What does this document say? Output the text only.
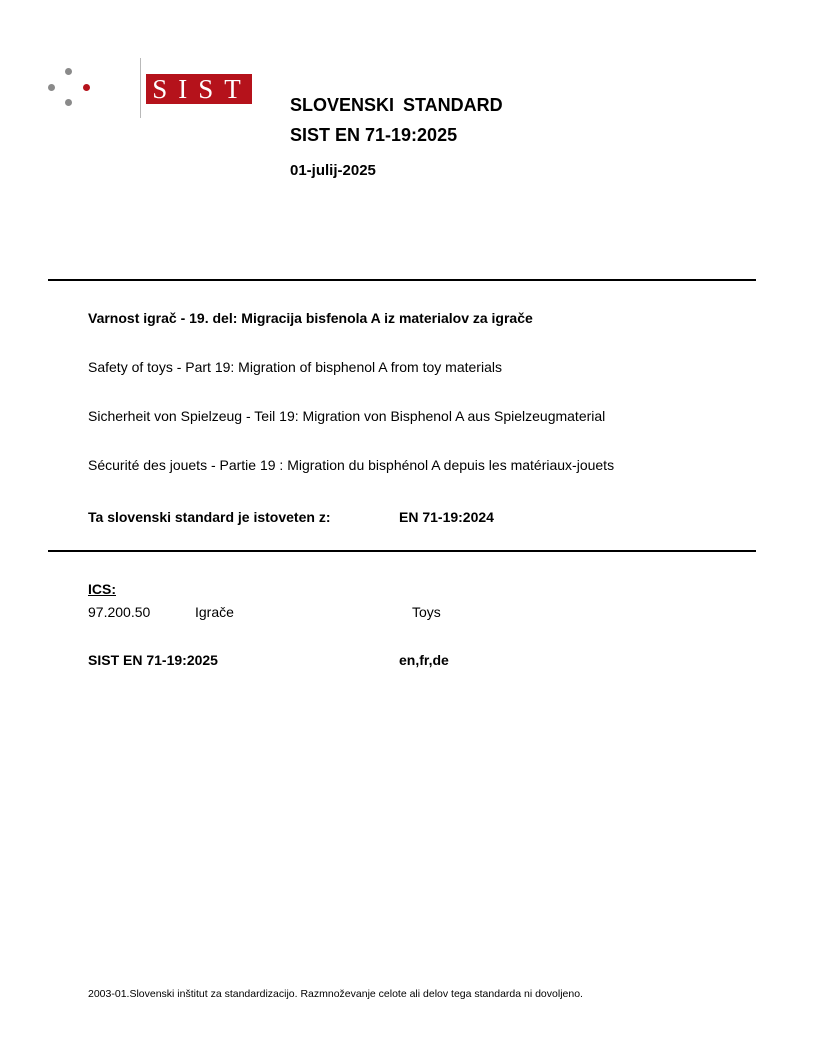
SIST
SLOVENSKI STANDARD
SIST EN 71-19:2025
01-julij-2025
Varnost igrač - 19. del: Migracija bisfenola A iz materialov za igrače
Safety of toys - Part 19: Migration of bisphenol A from toy materials
Sicherheit von Spielzeug - Teil 19: Migration von Bisphenol A aus Spielzeugmaterial
Sécurité des jouets - Partie 19 : Migration du bisphénol A depuis les matériaux-jouets
Ta slovenski standard je istoveten z:	EN 71-19:2024
ICS:
97.200.50	Igrače	Toys
SIST EN 71-19:2025	en,fr,de
2003-01.Slovenski inštitut za standardizacijo. Razmnoževanje celote ali delov tega standarda ni dovoljeno.
